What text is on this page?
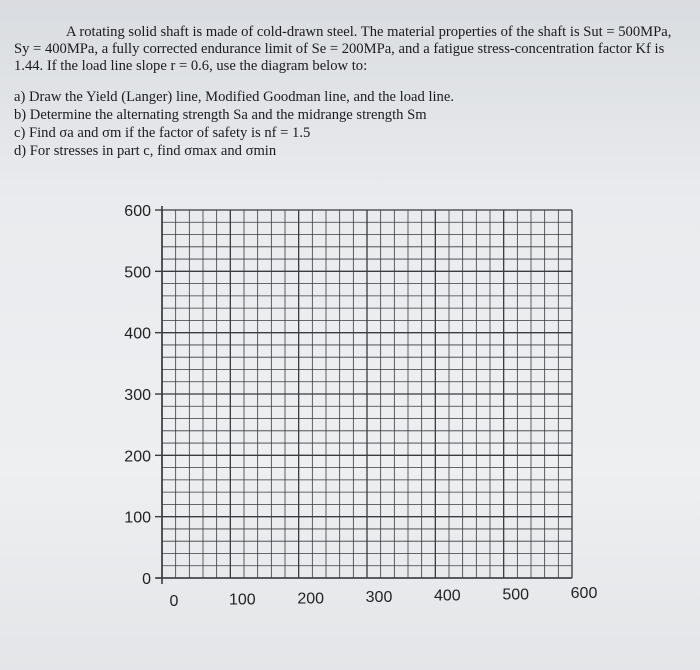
A rotating solid shaft is made of cold-drawn steel. The material properties of the shaft is Sut = 500MPa, Sy = 400MPa, a fully corrected endurance limit of Se = 200MPa, and a fatigue stress-concentration factor Kf is 1.44. If the load line slope r = 0.6, use the diagram below to:

a) Draw the Yield (Langer) line, Modified Goodman line, and the load line.

b) Determine the alternating strength Sa and the midrange strength Sm

c) Find σa and σm if the factor of safety is nf = 1.5

d) For stresses in part c, find σmax and σmin

0
100
200
300
400
500
600
0	100	200	300	400	500	600
